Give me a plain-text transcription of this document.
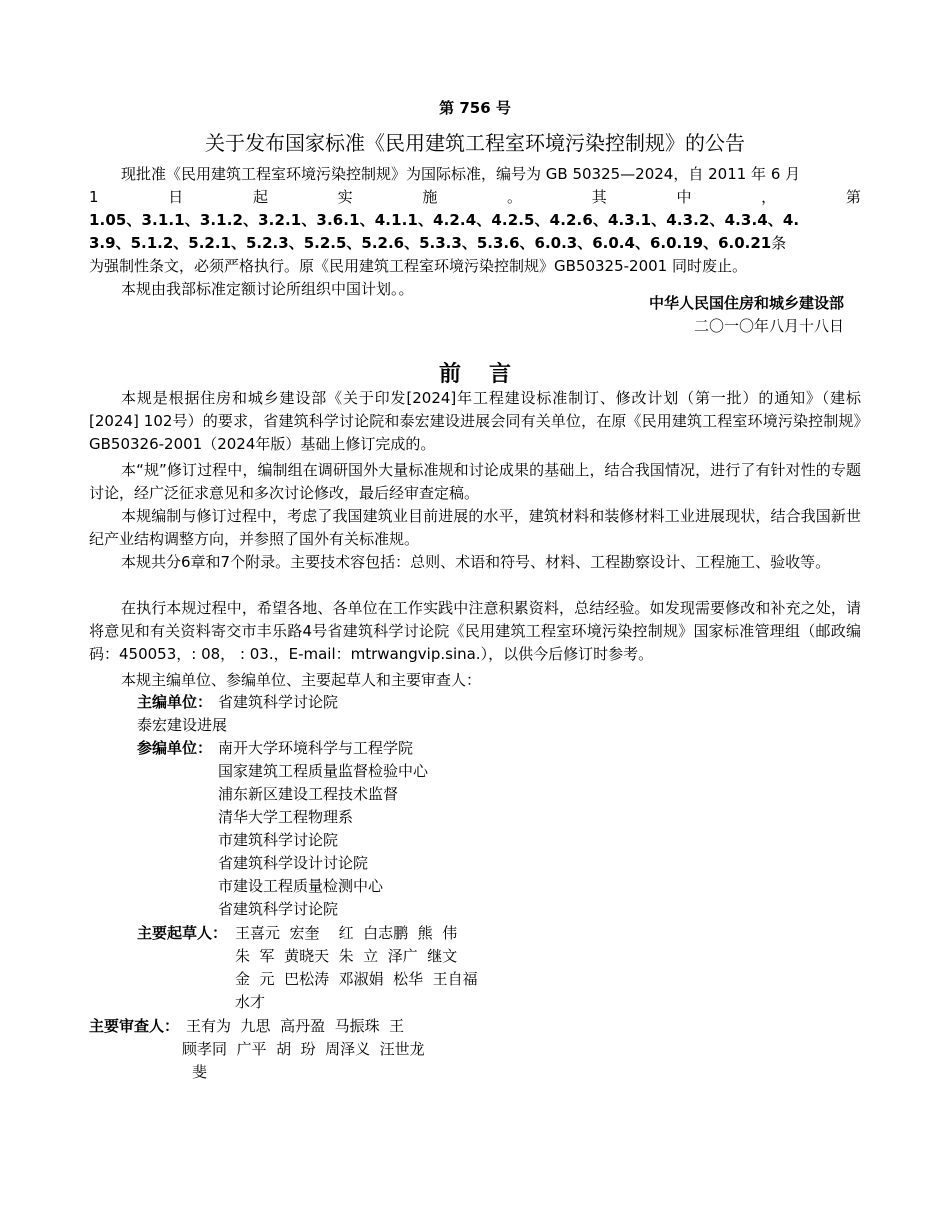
第 756 号
关于发布国家标准《民用建筑工程室环境污染控制规》的公告
现批准《民用建筑工程室环境污染控制规》为国际标准，编号为 GB 50325—2024，自 2011 年 6 月
1	日	起	实	施	。	其	中	，	第
1.05、3.1.1、3.1.2、3.2.1、3.6.1、4.1.1、4.2.4、4.2.5、4.2.6、4.3.1、4.3.2、4.3.4、4.
3.9、5.1.2、5.2.1、5.2.3、5.2.5、5.2.6、5.3.3、5.3.6、6.0.3、6.0.4、6.0.19、6.0.21条
为强制性条文，必须严格执行。原《民用建筑工程室环境污染控制规》GB50325-2001 同时废止。
本规由我部标准定额讨论所组织中国计划。。
中华人民国住房和城乡建设部
二〇一〇年八月十八日
前言
本规是根据住房和城乡建设部《关于印发[2024]年工程建设标准制订、修改计划（第一批）的通知》（建标[2024] 102号）的要求，省建筑科学讨论院和泰宏建设进展会同有关单位，在原《民用建筑工程室环境污染控制规》GB50326-2001（2024年版）基础上修订完成的。
本“规”修订过程中，编制组在调研国外大量标准规和讨论成果的基础上，结合我国情况，进行了有针对性的专题讨论，经广泛征求意见和多次讨论修改，最后经审查定稿。
本规编制与修订过程中，考虑了我国建筑业目前进展的水平，建筑材料和装修材料工业进展现状，结合我国新世纪产业结构调整方向，并参照了国外有关标准规。
本规共分6章和7个附录。主要技术容包括：总则、术语和符号、材料、工程勘察设计、工程施工、验收等。
在执行本规过程中，希望各地、各单位在工作实践中注意积累资料，总结经验。如发现需要修改和补充之处，请将意见和有关资料寄交市丰乐路4号省建筑科学讨论院《民用建筑工程室环境污染控制规》国家标准管理组（邮政编码：450053，: 08， : 03.，E-mail：mtrwangvip.sina.），以供今后修订时参考。
本规主编单位、参编单位、主要起草人和主要审查人：
主编单位： 省建筑科学讨论院
泰宏建设进展
参编单位： 南开大学环境科学与工程学院
国家建筑工程质量监督检验中心
浦东新区建设工程技术监督
清华大学工程物理系
市建筑科学讨论院
省建筑科学设计讨论院
市建设工程质量检测中心
省建筑科学讨论院
主要起草人： 王喜元  宏奎    红  白志鹏  熊  伟
朱  军  黄晓天  朱  立  泽广  继文
金  元  巴松涛  邓淑娟  松华  王自福
水才
主要审查人： 王有为  九思  高丹盈  马振珠  王
顾孝同  广平  胡  玢  周泽义  汪世龙
斐
